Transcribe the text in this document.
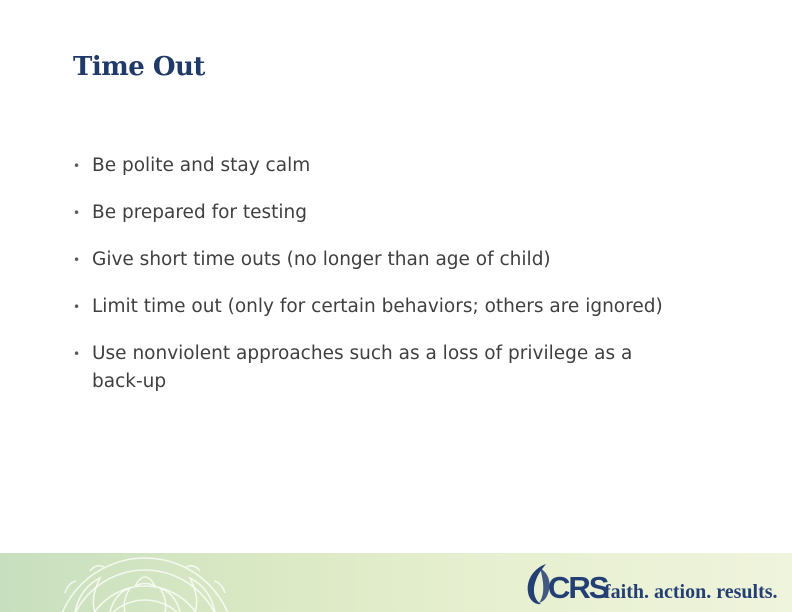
Time Out
• Be polite and stay calm
• Be prepared for testing
• Give short time outs (no longer than age of child)
• Limit time out (only for certain behaviors; others are ignored)
• Use nonviolent approaches such as a loss of privilege as a back-up
CRS
faith. action. results.
